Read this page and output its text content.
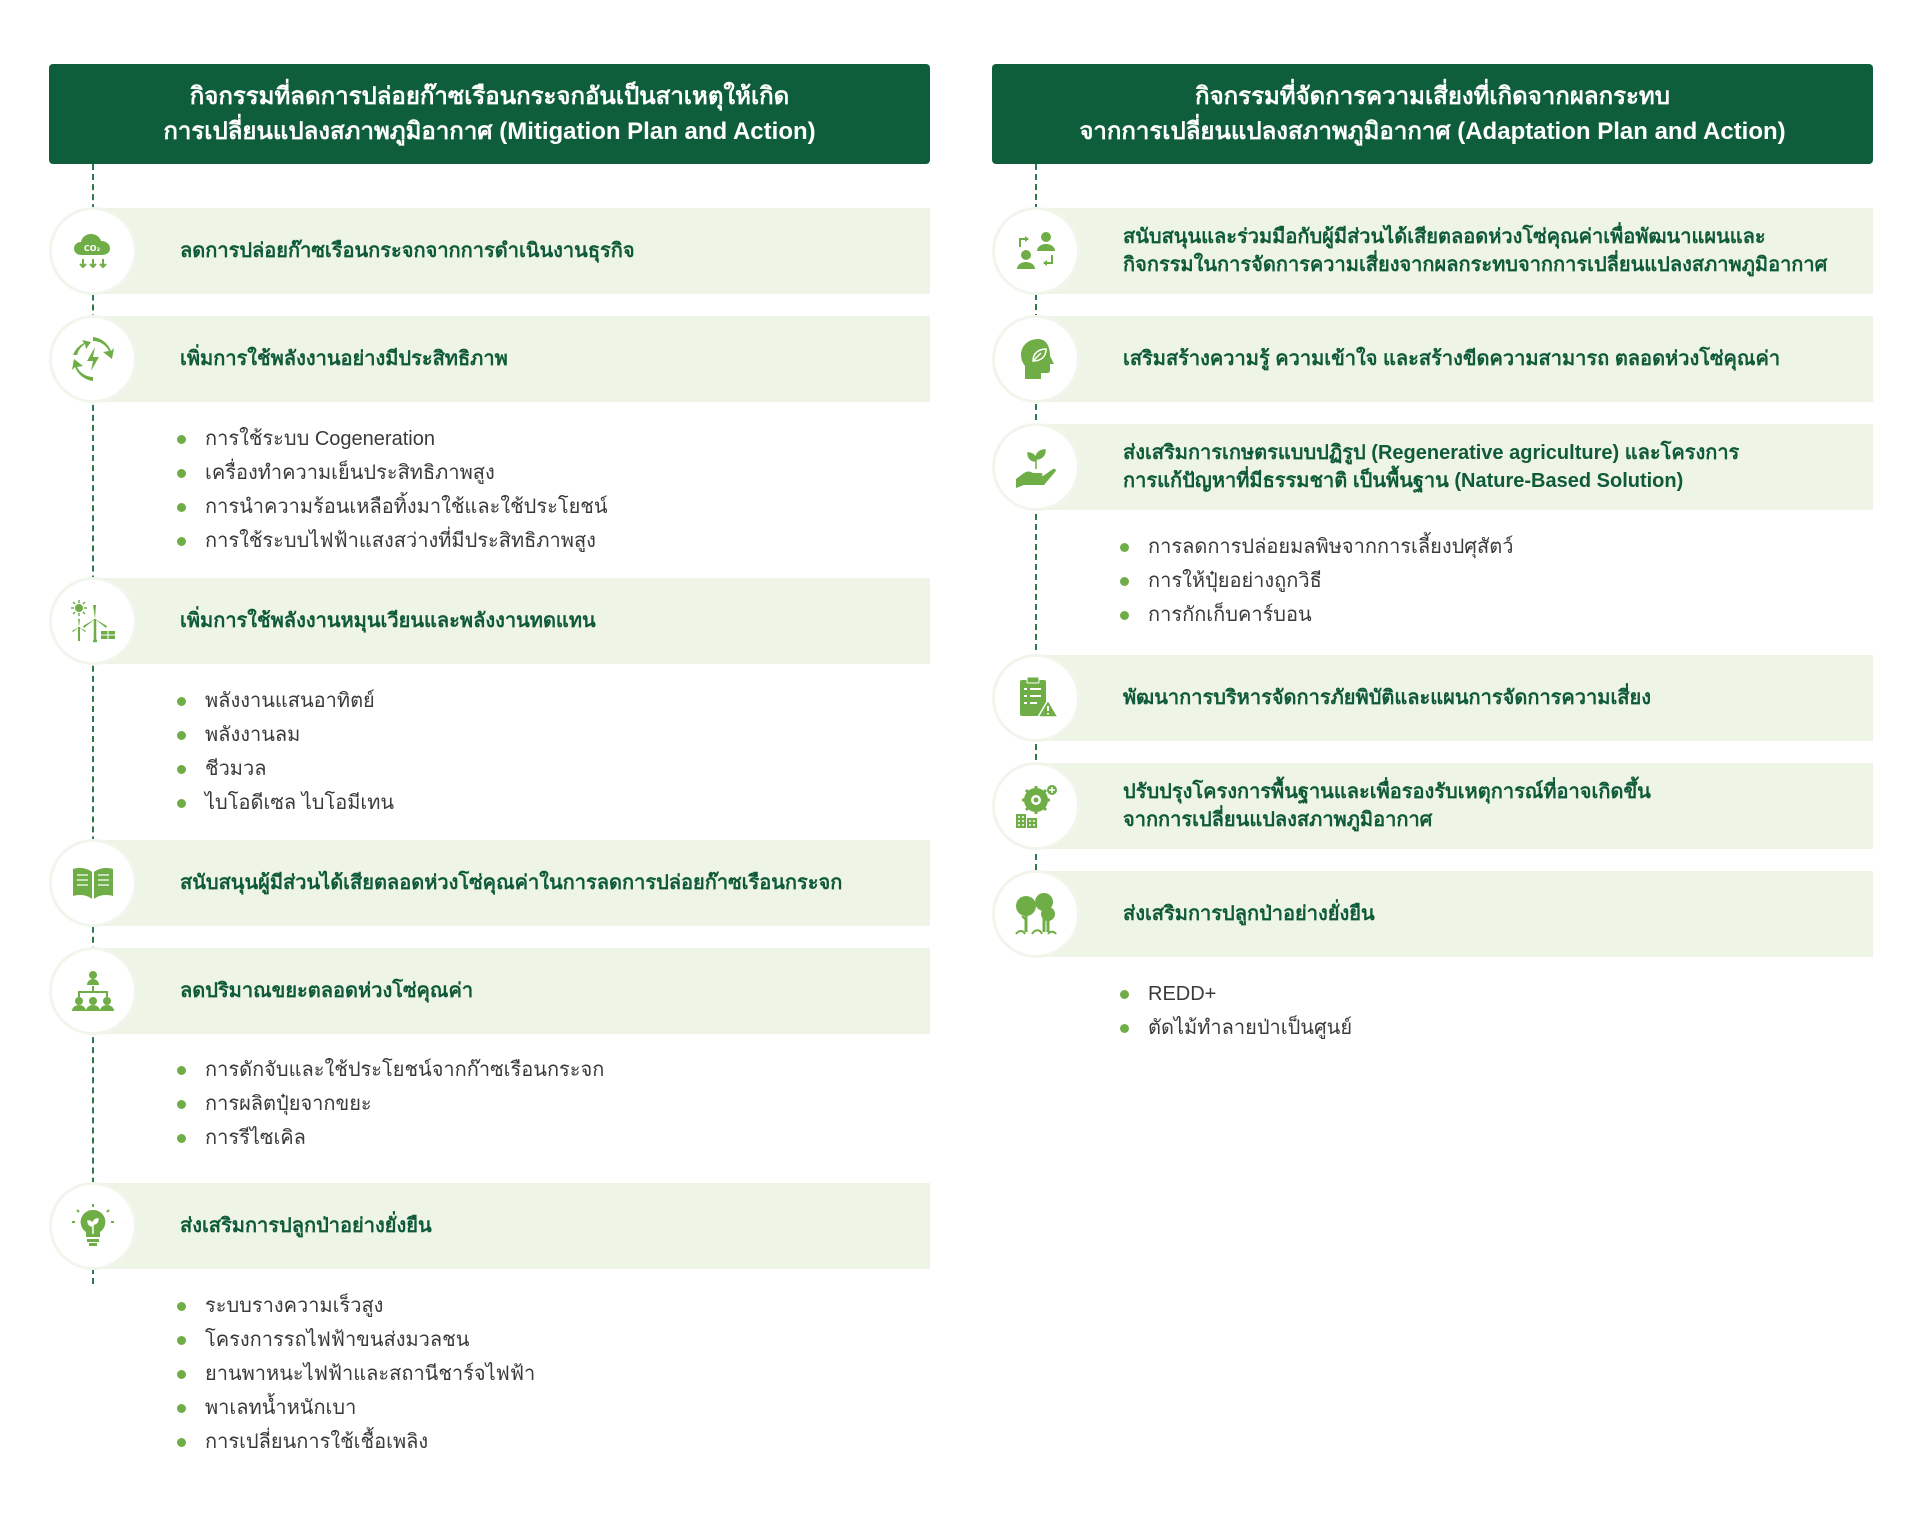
กิจกรรมที่ลดการปล่อยก๊าซเรือนกระจกอันเป็นสาเหตุให้เกิด
การเปลี่ยนแปลงสภาพภูมิอากาศ (Mitigation Plan and Action)
CO₂	ลดการปล่อยก๊าซเรือนกระจกจากการดำเนินงานธุรกิจ
เพิ่มการใช้พลังงานอย่างมีประสิทธิภาพ
การใช้ระบบ Cogeneration
เครื่องทำความเย็นประสิทธิภาพสูง
การนำความร้อนเหลือทิ้งมาใช้และใช้ประโยชน์
การใช้ระบบไฟฟ้าแสงสว่างที่มีประสิทธิภาพสูง
เพิ่มการใช้พลังงานหมุนเวียนและพลังงานทดแทน
พลังงานแสนอาทิตย์
พลังงานลม
ชีวมวล
ไบโอดีเซล ไบโอมีเทน
สนับสนุนผู้มีส่วนได้เสียตลอดห่วงโซ่คุณค่าในการลดการปล่อยก๊าซเรือนกระจก
ลดปริมาณขยะตลอดห่วงโซ่คุณค่า
การดักจับและใช้ประโยชน์จากก๊าซเรือนกระจก
การผลิตปุ๋ยจากขยะ
การรีไซเคิล
ส่งเสริมการปลูกป่าอย่างยั่งยืน
ระบบรางความเร็วสูง
โครงการรถไฟฟ้าขนส่งมวลชน
ยานพาหนะไฟฟ้าและสถานีชาร์จไฟฟ้า
พาเลทน้ำหนักเบา
การเปลี่ยนการใช้เชื้อเพลิง
กิจกรรมที่จัดการความเสี่ยงที่เกิดจากผลกระทบ
จากการเปลี่ยนแปลงสภาพภูมิอากาศ (Adaptation Plan and Action)
สนับสนุนและร่วมมือกับผู้มีส่วนได้เสียตลอดห่วงโซ่คุณค่าเพื่อพัฒนาแผนและ
กิจกรรมในการจัดการความเสี่ยงจากผลกระทบจากการเปลี่ยนแปลงสภาพภูมิอากาศ
เสริมสร้างความรู้ ความเข้าใจ และสร้างขีดความสามารถ ตลอดห่วงโซ่คุณค่า
ส่งเสริมการเกษตรแบบปฏิรูป (Regenerative agriculture) และโครงการ
การแก้ปัญหาที่มีธรรมชาติ เป็นพื้นฐาน (Nature-Based Solution)
การลดการปล่อยมลพิษจากการเลี้ยงปศุสัตว์
การให้ปุ๋ยอย่างถูกวิธี
การกักเก็บคาร์บอน
พัฒนาการบริหารจัดการภัยพิบัติและแผนการจัดการความเสี่ยง
ปรับปรุงโครงการพื้นฐานและเพื่อรองรับเหตุการณ์ที่อาจเกิดขึ้น
จากการเปลี่ยนแปลงสภาพภูมิอากาศ
ส่งเสริมการปลูกป่าอย่างยั่งยืน
REDD+
ตัดไม้ทำลายป่าเป็นศูนย์
